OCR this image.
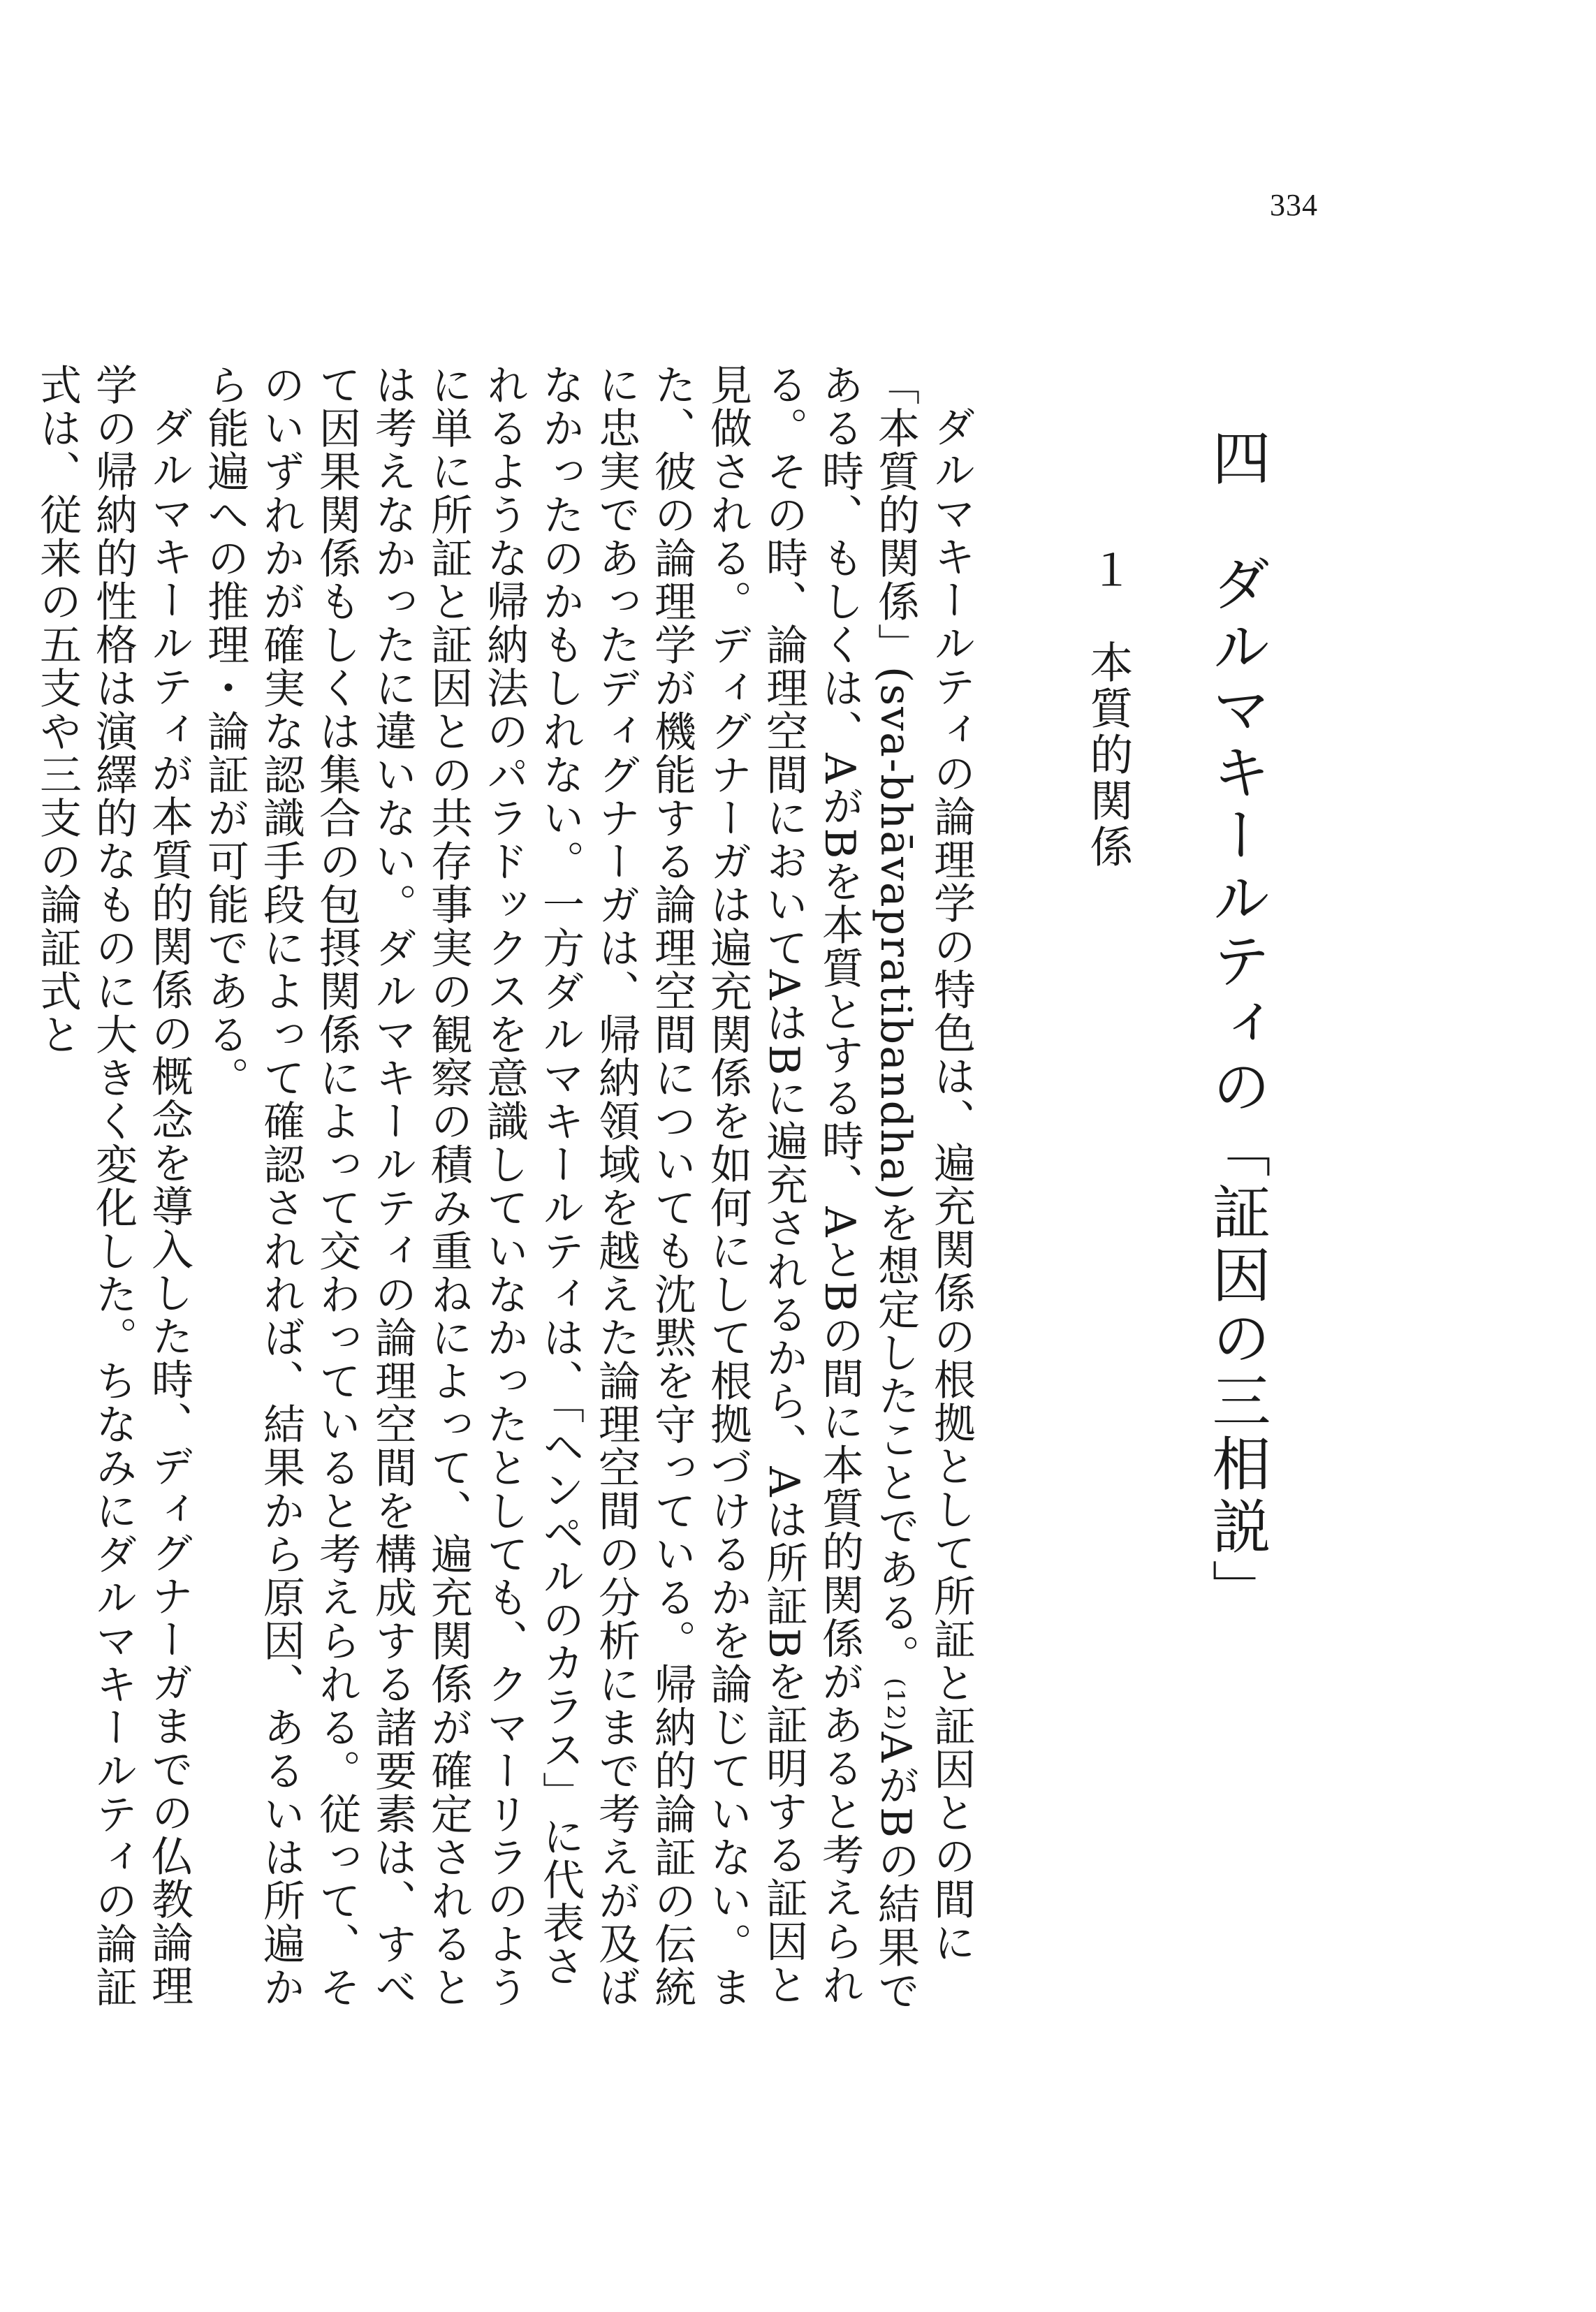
334
四　ダルマキールティの「証因の三相説」
１　本質的関係

ダルマキールティの論理学の特色は、遍充関係の根拠として所証と証因との間に「本質的関係」(sva-bhāvapratibandha)を想定したことである。(12)AがBの結果である時、もしくは、AがBを本質とする時、AとBの間に本質的関係があると考えられる。その時、論理空間においてAはBに遍充されるから、Aは所証Bを証明する証因と見做される。ディグナーガは遍充関係を如何にして根拠づけるかを論じていない。また、彼の論理学が機能する論理空間についても沈黙を守っている。帰納的論証の伝統に忠実であったディグナーガは、帰納領域を越えた論理空間の分析にまで考えが及ばなかったのかもしれない。一方ダルマキールティは、「ヘンペルのカラス」に代表されるような帰納法のパラドックスを意識していなかったとしても、クマーリラのように単に所証と証因との共存事実の観察の積み重ねによって、遍充関係が確定されるとは考えなかったに違いない。ダルマキールティの論理空間を構成する諸要素は、すべて因果関係もしくは集合の包摂関係によって交わっていると考えられる。従って、そのいずれかが確実な認識手段によって確認されれば、結果から原因、あるいは所遍から能遍への推理・論証が可能である。

ダルマキールティが本質的関係の概念を導入した時、ディグナーガまでの仏教論理学の帰納的性格は演繹的なものに大きく変化した。ちなみにダルマキールティの論証式は、従来の五支や三支の論証式と
